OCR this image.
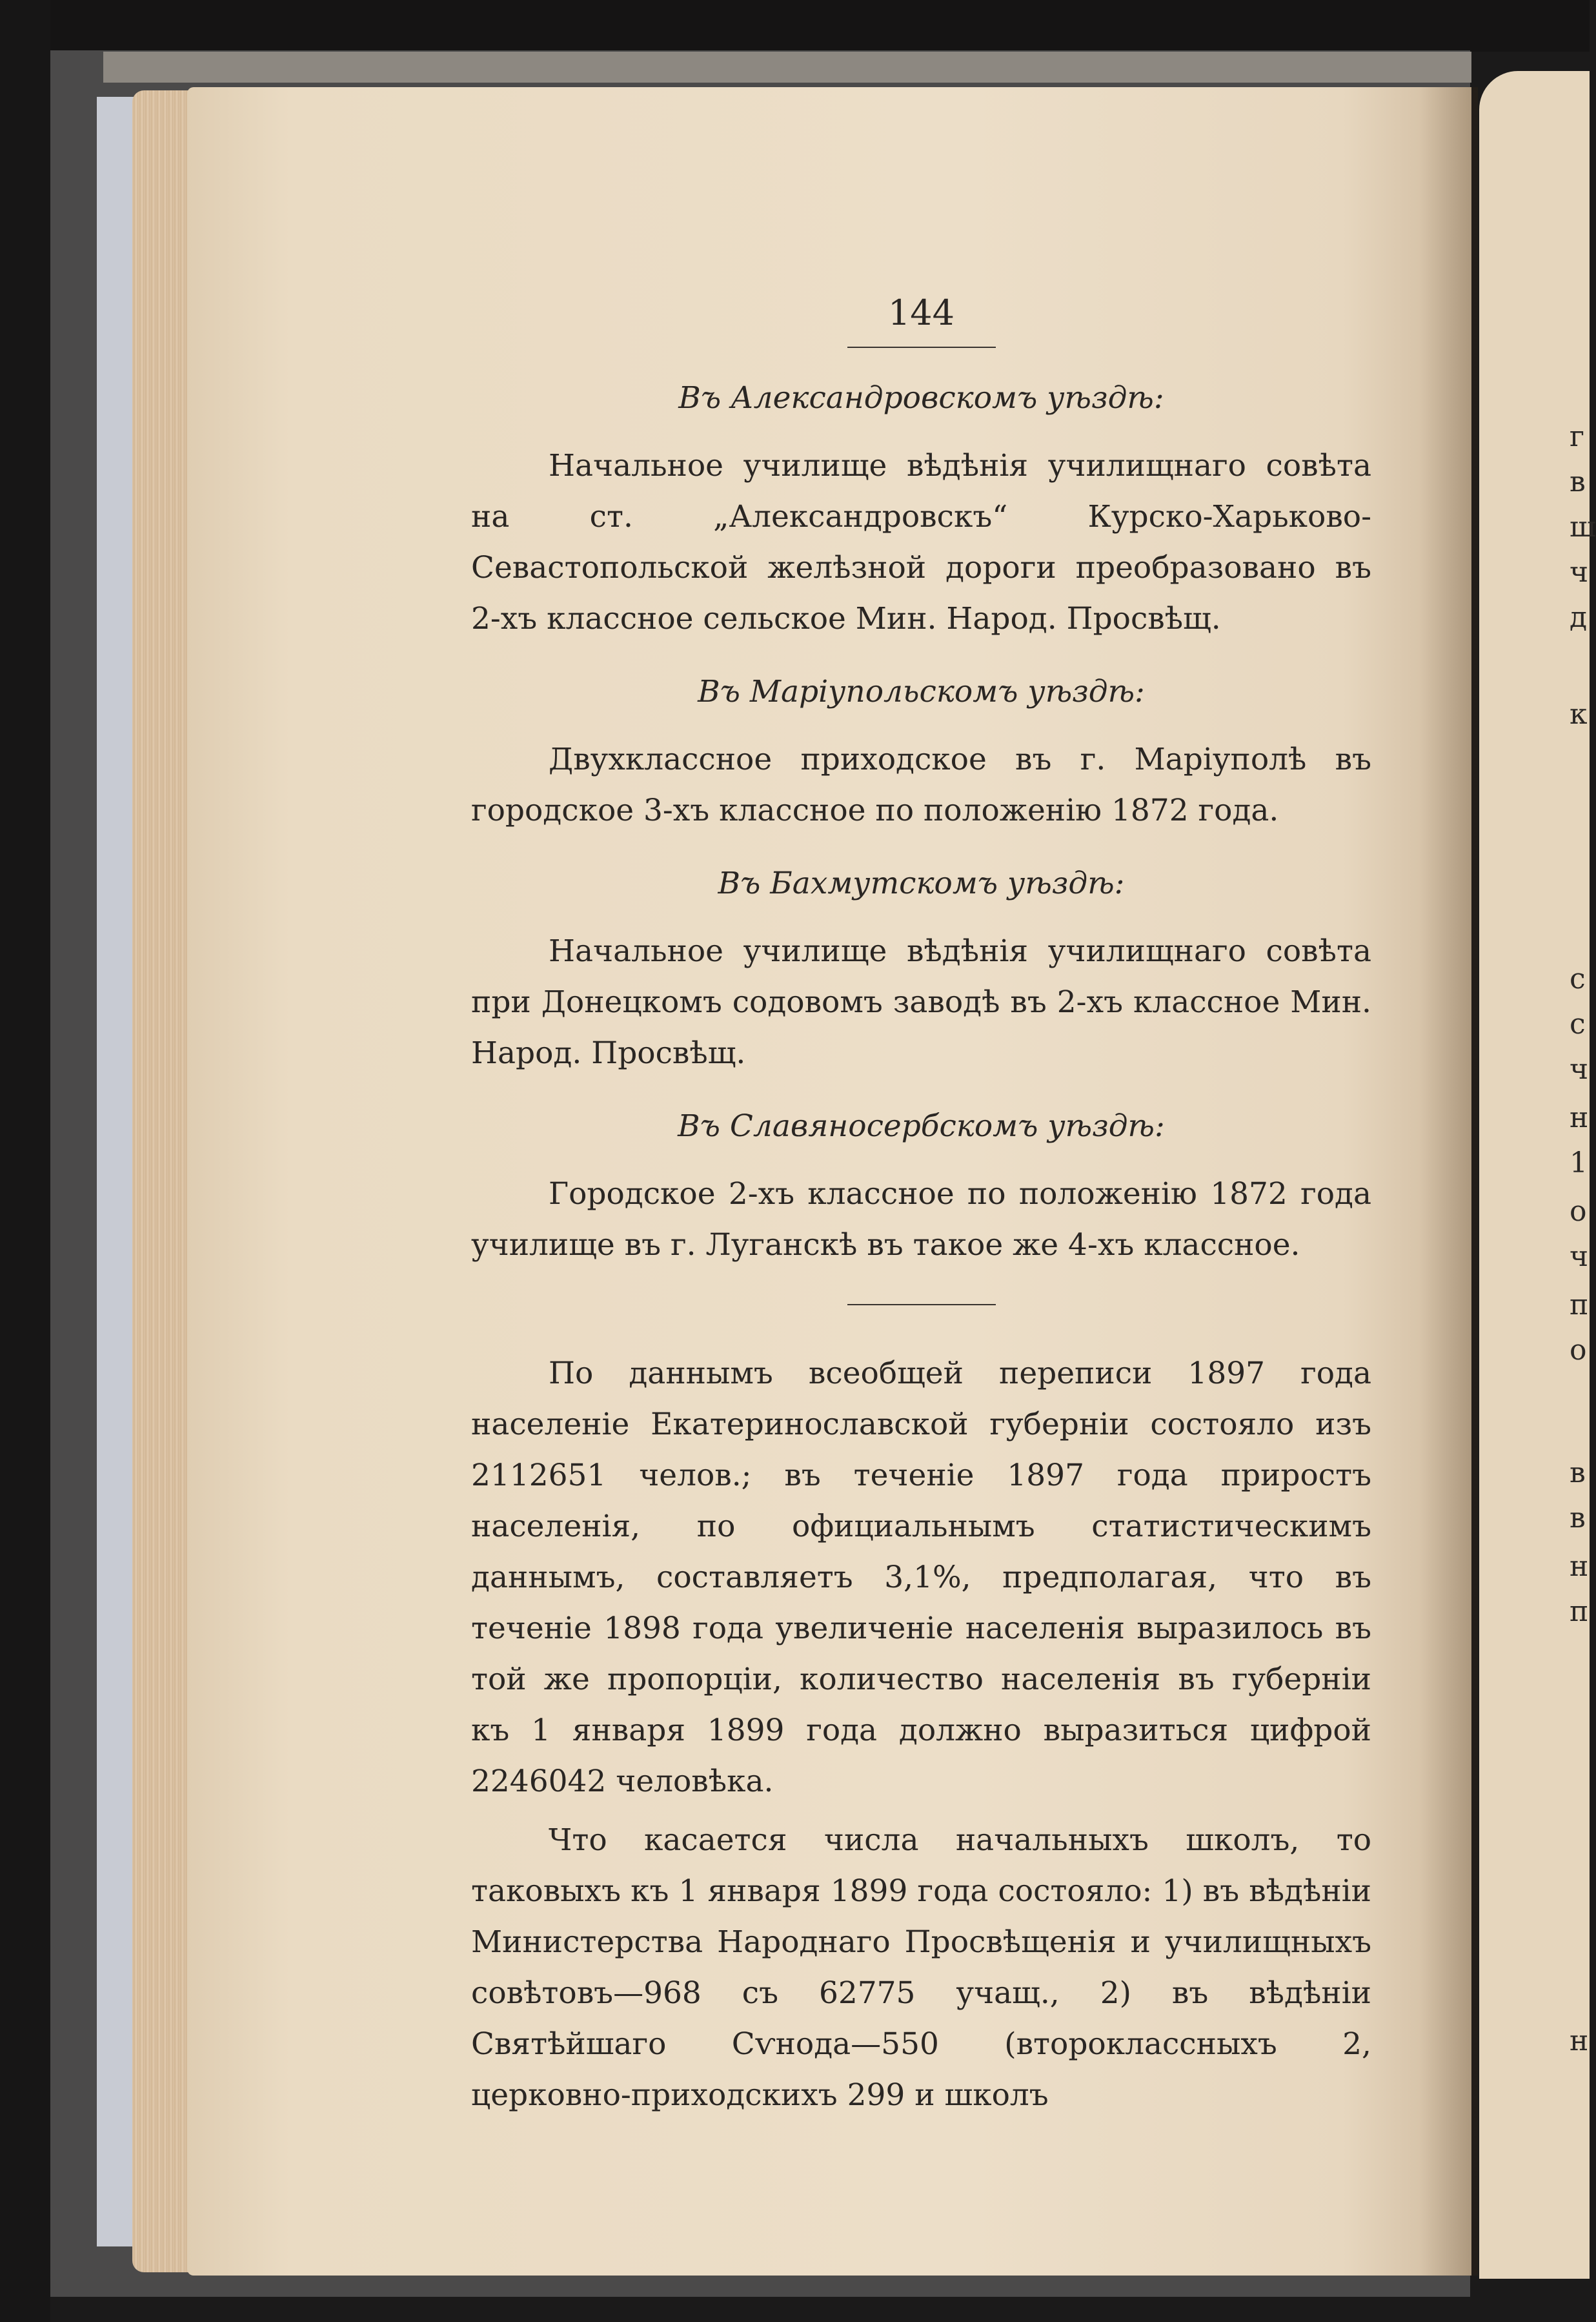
г
в
ш
ч
д
к
с
с
ч
н
1
о
ч
п
о
в
в
н
п
н
144

Въ Александровскомъ уѣздѣ:

Начальное училище вѣдѣнія училищнаго совѣта на ст. „Александровскъ“ Курско-Харьково-Севастопольской желѣзной дороги преобразовано въ 2-хъ классное сельское Мин. Народ. Просвѣщ.

Въ Маріупольскомъ уѣздѣ:

Двухклассное приходское въ г. Маріуполѣ въ городское 3-хъ классное по положенію 1872 года.

Въ Бахмутскомъ уѣздѣ:

Начальное училище вѣдѣнія училищнаго совѣта при Донецкомъ содовомъ заводѣ въ 2-хъ классное Мин. Народ. Просвѣщ.

Въ Славяносербскомъ уѣздѣ:

Городское 2-хъ классное по положенію 1872 года училище въ г. Луганскѣ въ такое же 4-хъ классное.

По даннымъ всеобщей переписи 1897 года населеніе Екатеринославской губерніи состояло изъ 2112651 челов.; въ теченіе 1897 года приростъ населенія, по официальнымъ статистическимъ даннымъ, составляетъ 3,1%, предполагая, что въ теченіе 1898 года увеличеніе населенія выразилось въ той же пропорціи, количество населенія въ губерніи къ 1 января 1899 года должно выразиться цифрой 2246042 человѣка.

Что касается числа начальныхъ школъ, то таковыхъ къ 1 января 1899 года состояло: 1) въ вѣдѣніи Министерства Народнаго Просвѣщенія и училищныхъ совѣтовъ—968 съ 62775 учащ., 2) въ вѣдѣніи Святѣйшаго Сѵнода—550 (второклассныхъ 2, церковно-приходскихъ 299 и школъ
